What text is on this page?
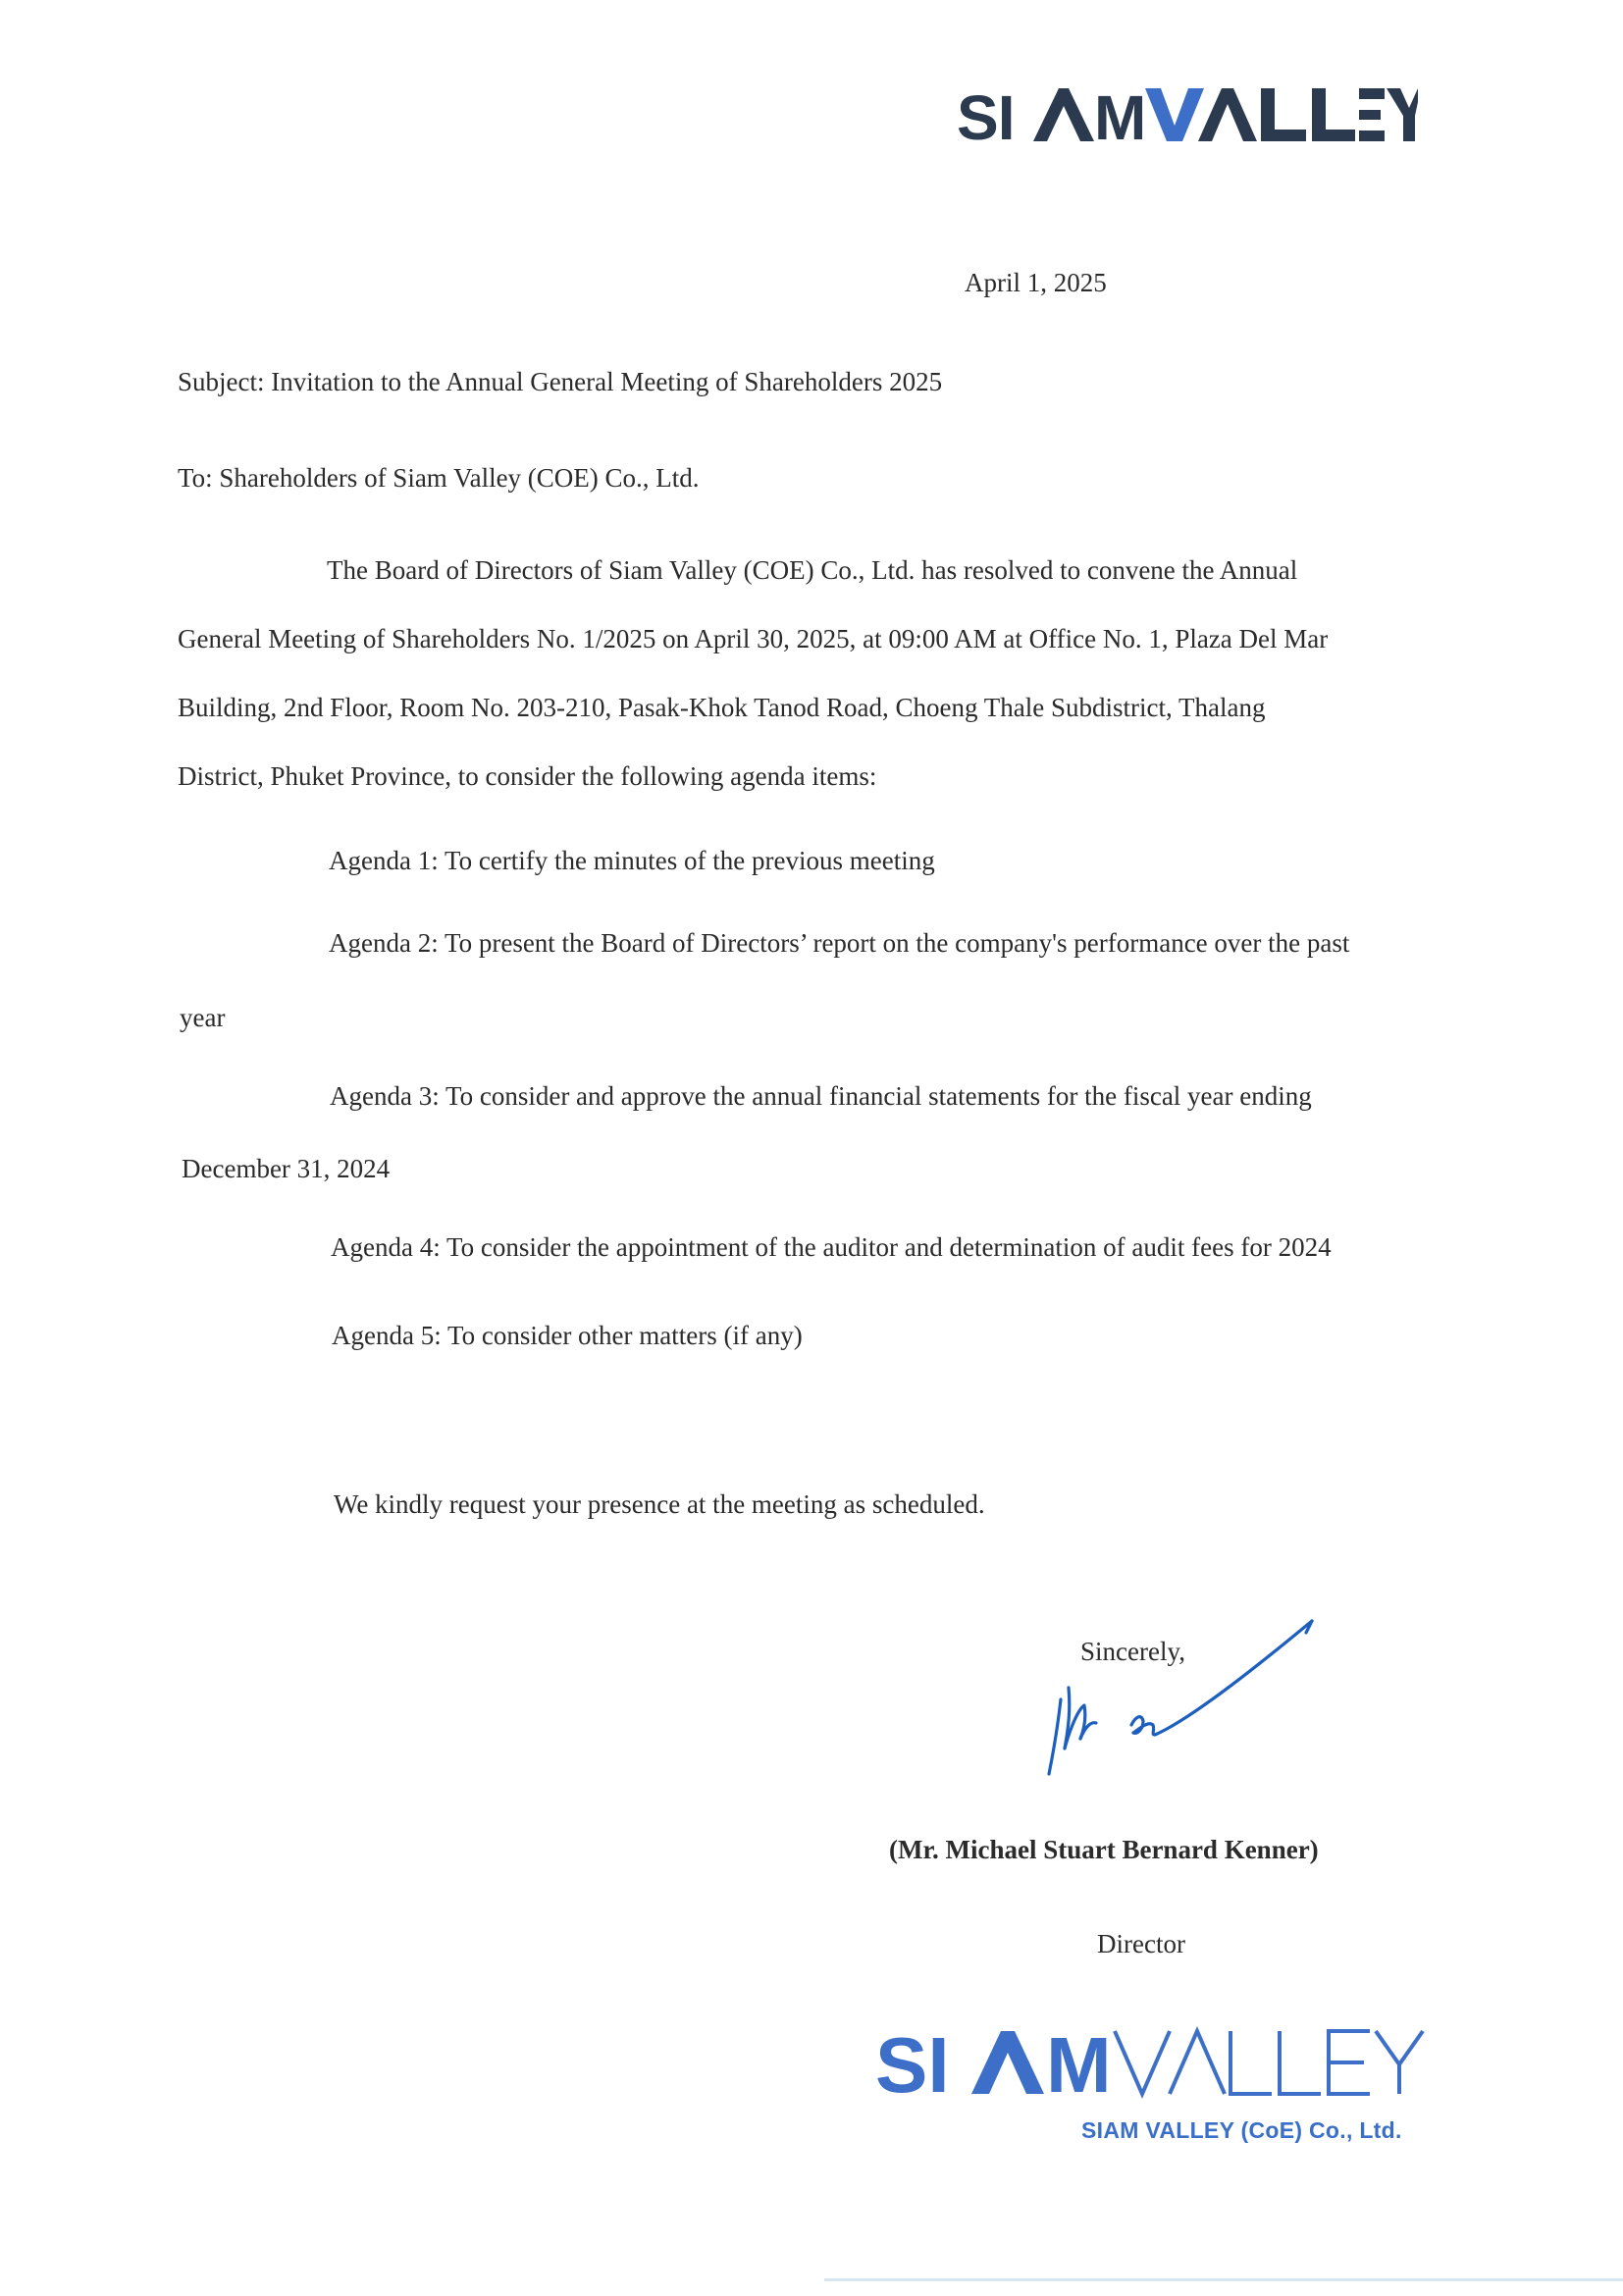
SI M
April 1, 2025
Subject: Invitation to the Annual General Meeting of Shareholders 2025
To: Shareholders of Siam Valley (COE) Co., Ltd.
The Board of Directors of Siam Valley (COE) Co., Ltd. has resolved to convene the Annual
General Meeting of Shareholders No. 1/2025 on April 30, 2025, at 09:00 AM at Office No. 1, Plaza Del Mar
Building, 2nd Floor, Room No. 203-210, Pasak-Khok Tanod Road, Choeng Thale Subdistrict, Thalang
District, Phuket Province, to consider the following agenda items:
Agenda 1: To certify the minutes of the previous meeting
Agenda 2: To present the Board of Directors’ report on the company's performance over the past
year
Agenda 3: To consider and approve the annual financial statements for the fiscal year ending
December 31, 2024
Agenda 4: To consider the appointment of the auditor and determination of audit fees for 2024
Agenda 5: To consider other matters (if any)
We kindly request your presence at the meeting as scheduled.
Sincerely,
(Mr. Michael Stuart Bernard Kenner)
Director
SI M
SIAM VALLEY (CoE) Co., Ltd.
